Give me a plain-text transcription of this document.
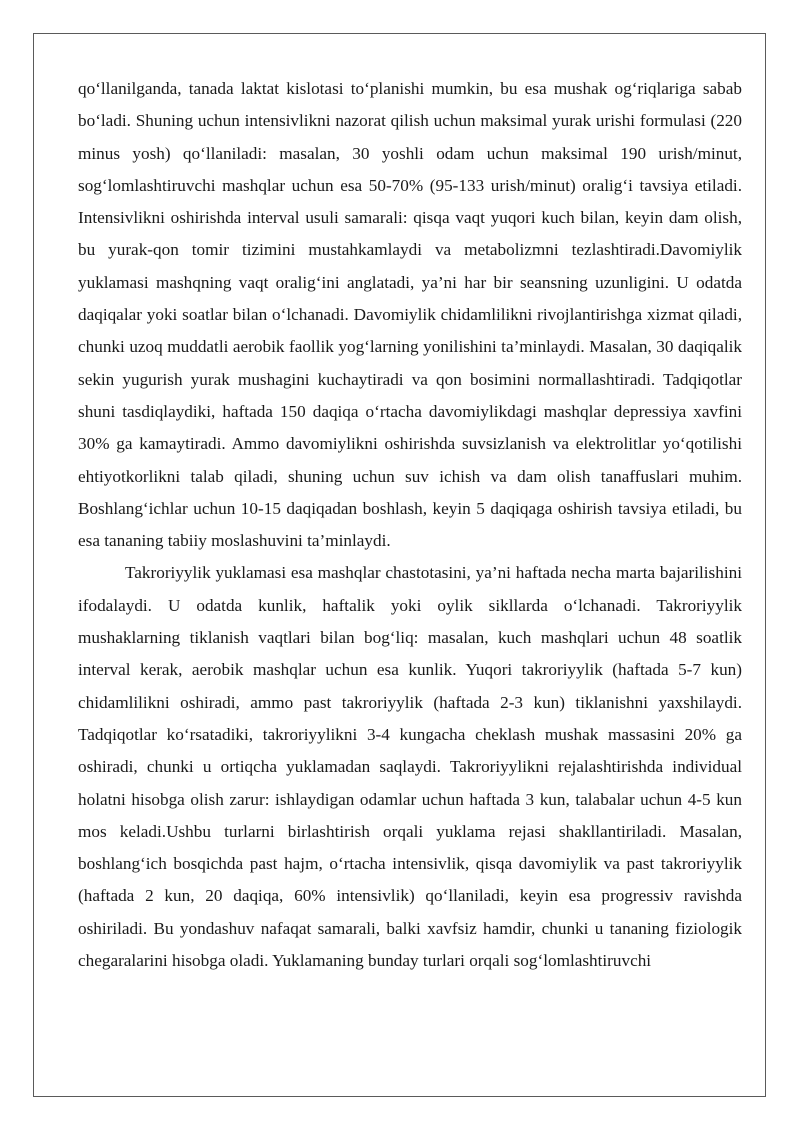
qo‘llanilganda, tanada laktat kislotasi to‘planishi mumkin, bu esa mushak og‘riqlariga sabab bo‘ladi. Shuning uchun intensivlikni nazorat qilish uchun maksimal yurak urishi formulasi (220 minus yosh) qo‘llaniladi: masalan, 30 yoshli odam uchun maksimal 190 urish/minut, sog‘lomlashtiruvchi mashqlar uchun esa 50-70% (95-133 urish/minut) oralig‘i tavsiya etiladi. Intensivlikni oshirishda interval usuli samarali: qisqa vaqt yuqori kuch bilan, keyin dam olish, bu yurak-qon tomir tizimini mustahkamlaydi va metabolizmni tezlashtiradi.Davomiylik yuklamasi mashqning vaqt oralig‘ini anglatadi, ya’ni har bir seansning uzunligini. U odatda daqiqalar yoki soatlar bilan o‘lchanadi. Davomiylik chidamlilikni rivojlantirishga xizmat qiladi, chunki uzoq muddatli aerobik faollik yog‘larning yonilishini ta’minlaydi. Masalan, 30 daqiqalik sekin yugurish yurak mushagini kuchaytiradi va qon bosimini normallashtiradi. Tadqiqotlar shuni tasdiqlaydiki, haftada 150 daqiqa o‘rtacha davomiylikdagi mashqlar depressiya xavfini 30% ga kamaytiradi. Ammo davomiylikni oshirishda suvsizlanish va elektrolitlar yo‘qotilishi ehtiyotkorlikni talab qiladi, shuning uchun suv ichish va dam olish tanaffuslari muhim. Boshlang‘ichlar uchun 10-15 daqiqadan boshlash, keyin 5 daqiqaga oshirish tavsiya etiladi, bu esa tananing tabiiy moslashuvini ta’minlaydi.

Takroriyylik yuklamasi esa mashqlar chastotasini, ya’ni haftada necha marta bajarilishini ifodalaydi. U odatda kunlik, haftalik yoki oylik sikllarda o‘lchanadi. Takroriyylik mushaklarning tiklanish vaqtlari bilan bog‘liq: masalan, kuch mashqlari uchun 48 soatlik interval kerak, aerobik mashqlar uchun esa kunlik. Yuqori takroriyylik (haftada 5-7 kun) chidamlilikni oshiradi, ammo past takroriyylik (haftada 2-3 kun) tiklanishni yaxshilaydi. Tadqiqotlar ko‘rsatadiki, takroriyylikni 3-4 kungacha cheklash mushak massasini 20% ga oshiradi, chunki u ortiqcha yuklamadan saqlaydi. Takroriyylikni rejalashtirishda individual holatni hisobga olish zarur: ishlaydigan odamlar uchun haftada 3 kun, talabalar uchun 4-5 kun mos keladi.Ushbu turlarni birlashtirish orqali yuklama rejasi shakllantiriladi. Masalan, boshlang‘ich bosqichda past hajm, o‘rtacha intensivlik, qisqa davomiylik va past takroriyylik (haftada 2 kun, 20 daqiqa, 60% intensivlik) qo‘llaniladi, keyin esa progressiv ravishda oshiriladi. Bu yondashuv nafaqat samarali, balki xavfsiz hamdir, chunki u tananing fiziologik chegaralarini hisobga oladi. Yuklamaning bunday turlari orqali sog‘lomlashtiruvchi
